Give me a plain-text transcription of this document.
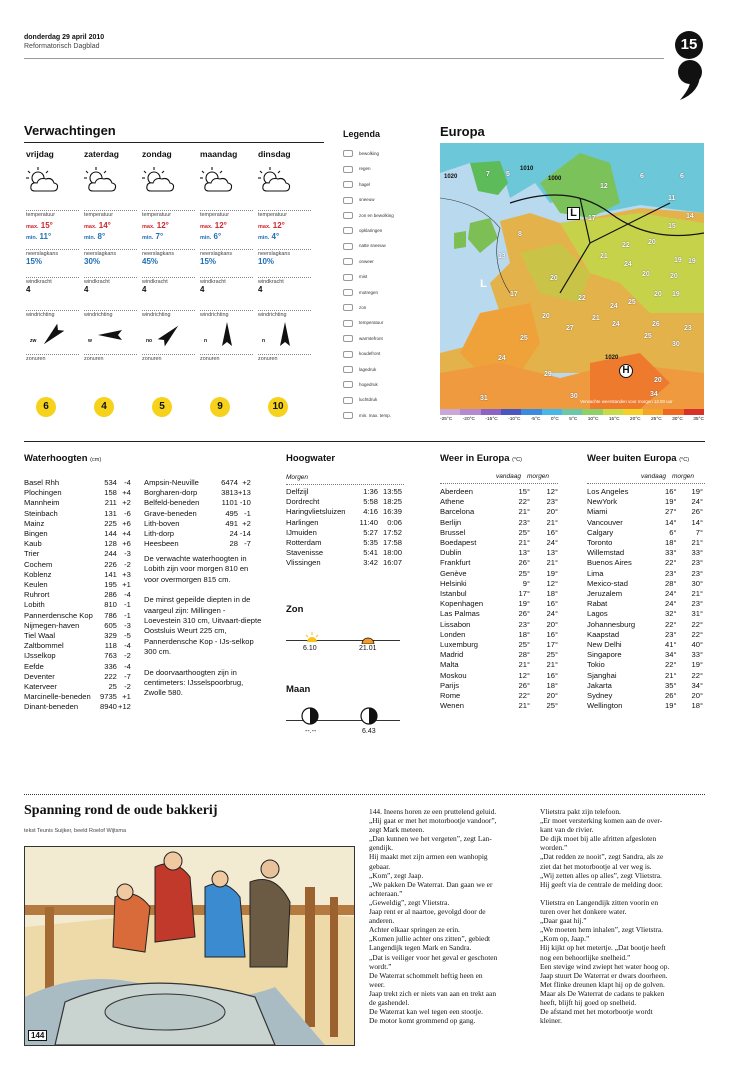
donderdag 29 april 2010
Reformatorisch Dagblad	15
Verwachtingen
vrijdag
temperatuur
max. 15°
min. 11°
neerslagkans
15%
windkracht
4
windrichting
zw
zonuren
6
zaterdag
temperatuur
max. 14°
min. 8°
neerslagkans
30%
windkracht
4
windrichting
w
zonuren
4
zondag
temperatuur
max. 12°
min. 7°
neerslagkans
45%
windkracht
4
windrichting
no
zonuren
5
maandag
temperatuur
max. 12°
min. 6°
neerslagkans
15%
windkracht
4
windrichting
n
zonuren
9
dinsdag
temperatuur
max. 12°
min. 4°
neerslagkans
10%
windkracht
4
windrichting
n
zonuren
10
Legenda
bewolking
regen
hagel
sneeuw
zon en bewolking
opklaringen
natte sneeuw
onweer
mist
motregen
zon
temperatuur
warmtefront
koudefront
lagedruk
hogedruk
luchtdruk
min. max. temp.
Europa
7 5	6	6
12
17
11
14
15
19
8
20
19
13	21
22
20
24
17
20	20
20 19
24
25
21
20
26
22
24
25
27
25
23
24
30
29
20
31	30	34
1020
1010
1000
1020
L
L
H
Verwachte weerstanden voor morgen 12.00 uur
-25°C -20°C -15°C -10°C -5°C 0°C 5°C 10°C 15°C 20°C 25°C 30°C 35°C
Waterhoogten (cm)
Basel Rhh	534	-4
Plochingen	158	+4
Mannheim	211	+2
Steinbach	131	-6
Mainz	225	+6
Bingen	144	+4
Kaub	128	+6
Trier	244	-3
Cochem	226	-2
Koblenz	141	+3
Keulen	195	+1
Ruhrort	286	-4
Lobith	810	-1
Pannerdensche Kop	786	-1
Nijmegen-haven	605	-3
Tiel Waal	329	-5
Zaltbommel	118	-4
IJsselkop	763	-2
Eefde	336	-4
Deventer	222	-7
Katerveer	25	-2
Marcinelle-beneden	9735	+1
Dinant-beneden	8940	+12
Ampsin-Neuville	6474	+2
Borgharen-dorp	3813	+13
Belfeld-beneden	1101	-10
Grave-beneden	495	-1
Lith-boven	491	+2
Lith-dorp	24	-14
Heesbeen	28	-7
De verwachte waterhoogten in Lobith zijn voor morgen 810 en voor overmorgen 815 cm.
De minst gepeilde diepten in de vaargeul zijn: Millingen - Loevestein 310 cm, Uitvaart-diepte Oostsluis Weurt 225 cm, Pannerdensche Kop - IJs-selkop 300 cm.
De doorvaarthoogten zijn in centimeters: IJsselspoorbrug, Zwolle 580.
Hoogwater
Morgen
Delfzijl	1:36	13:55
Dordrecht	5:58	18:25
Haringvlietsluizen	4:16	16:39
Harlingen	11:40	0:06
IJmuiden	5:27	17:52
Rotterdam	5:35	17:58
Stavenisse	5:41	18:00
Vlissingen	3:42	16:07
Zon
6.10	21.01
Maan
--.--	6.43
Weer in Europa (°C)
vandaag morgen
Aberdeen	15°	12°
Athene	22°	23°
Barcelona	21°	20°
Berlijn	23°	21°
Brussel	25°	16°
Boedapest	21°	24°
Dublin	13°	13°
Frankfurt	26°	21°
Genève	25°	19°
Helsinki	9°	12°
Istanbul	17°	18°
Kopenhagen	19°	16°
Las Palmas	26°	24°
Lissabon	23°	20°
Londen	18°	16°
Luxemburg	25°	17°
Madrid	28°	25°
Malta	21°	21°
Moskou	12°	16°
Parijs	26°	18°
Rome	22°	20°
Wenen	21°	25°
Weer buiten Europa (°C)
vandaag morgen
Los Angeles	16°	19°
NewYork	19°	24°
Miami	27°	26°
Vancouver	14°	14°
Calgary	6°	7°
Toronto	18°	21°
Willemstad	33°	33°
Buenos Aires	22°	23°
Lima	23°	23°
Mexico-stad	28°	30°
Jeruzalem	24°	21°
Rabat	24°	23°
Lagos	32°	31°
Johannesburg	22°	22°
Kaapstad	23°	22°
New Delhi	41°	40°
Singapore	34°	33°
Tokio	22°	19°
Sjanghai	21°	22°
Jakarta	35°	34°
Sydney	26°	20°
Wellington	19°	18°
Spanning rond de oude bakkerij
tekst Teunis Suijker, beeld Roelof Wijtsma
144
144. Ineens horen ze een pruttelend geluid.
„Hij gaat er met het motorbootje vandoor”,
zegt Mark meteen.
„Dan kunnen we het vergeten”, zegt Lan-
gendijk.
Hij maakt met zijn armen een wanhopig
gebaar.
„Kom”, zegt Jaap.
„We pakken De Waterrat. Dan gaan we er
achteraan.”
„Geweldig”, zegt Vlietstra.
Jaap rent er al naartoe, gevolgd door de
anderen.
Achter elkaar springen ze erin.
„Komen jullie achter ons zitten”, gebiedt
Langendijk tegen Mark en Sandra.
„Dat is veiliger voor het geval er geschoten
wordt.”
De Waterrat schommelt heftig heen en
weer.
Jaap trekt zich er niets van aan en trekt aan
de gashendel.
De Waterrat kan wel tegen een stootje.
De motor komt grommend op gang.
Vlietstra pakt zijn telefoon.
„Er moet versterking komen aan de over-
kant van de rivier.
De dijk moet bij alle afritten afgesloten
worden.”
„Dat redden ze nooit”, zegt Sandra, als ze
ziet dat het motorbootje al ver weg is.
„Wij zetten alles op alles”, zegt Vlietstra.
Hij geeft via de centrale de melding door.

Vlietstra en Langendijk zitten voorin en
turen over het donkere water.
„Daar gaat hij.”
„We moeten hem inhalen”, zegt Vlietstra.
„Kom op, Jaap.”
Hij kijkt op het metertje. „Dat bootje heeft
nog een behoorlijke snelheid.”
Een stevige wind zwiept het water hoog op.
Jaap stuurt De Waterrat er dwars doorheen.
Met flinke dreunen klapt hij op de golven.
Maar als De Waterrat de cadans te pakken
heeft, blijft hij goed op snelheid.
De afstand met het motorbootje wordt
kleiner.
